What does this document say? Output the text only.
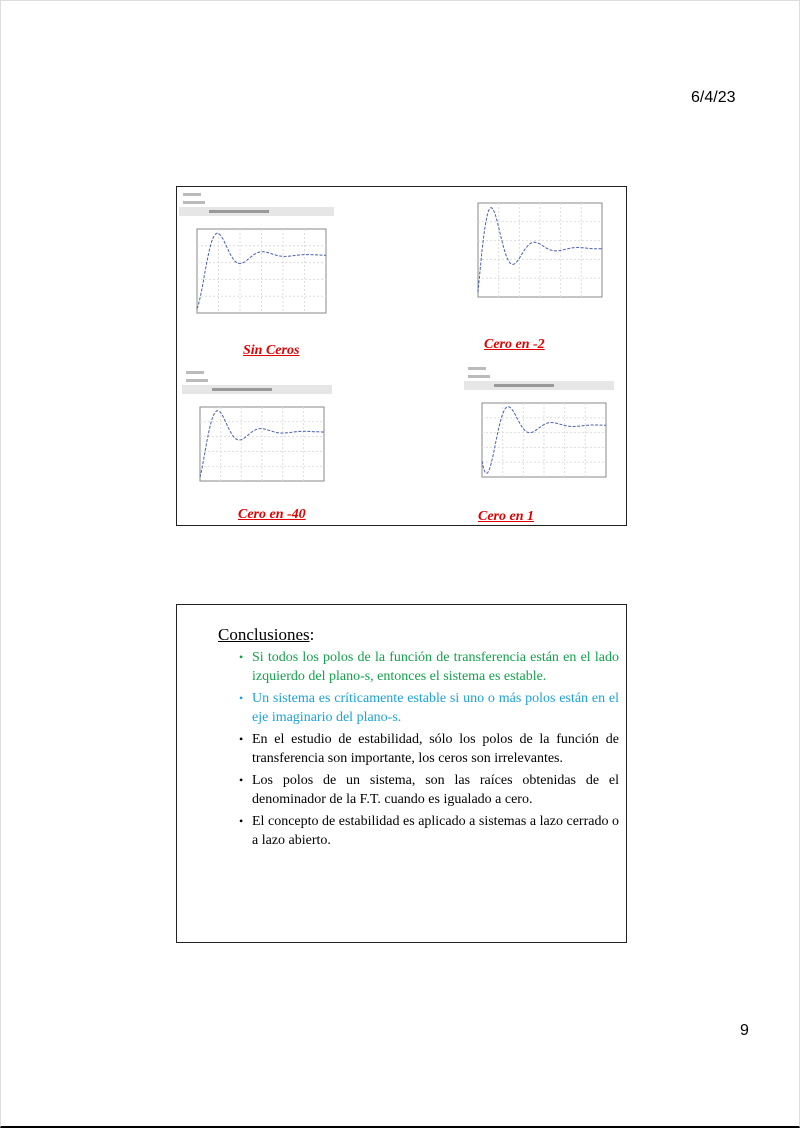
6/4/23
Sin Ceros	Cero en -2
Cero en -40	Cero en 1
Conclusiones:
• Si todos los polos de la función de transferencia están en el lado izquierdo del plano-s, entonces el sistema es estable.
• Un sistema es críticamente estable si uno o más polos están en el eje imaginario del plano-s.
• En el estudio de estabilidad, sólo los polos de la función de transferencia son importante, los ceros son irrelevantes.
• Los polos de un sistema, son las raíces obtenidas de el denominador de la F.T. cuando es igualado a cero.
• El concepto de estabilidad es aplicado a sistemas a lazo cerrado o a lazo abierto.
9
